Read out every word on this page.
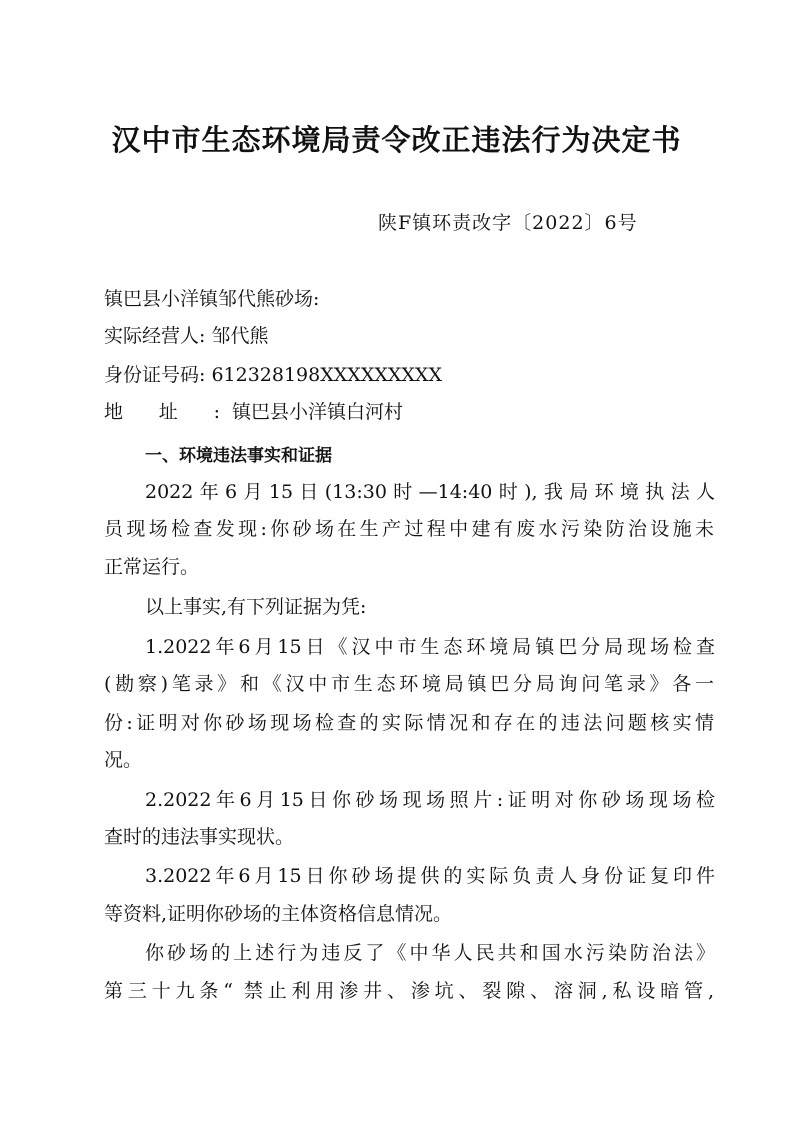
汉中市生态环境局责令改正违法行为决定书
陕F镇环责改字〔2022〕6号
镇巴县小洋镇邹代熊砂场:
实际经营人: 邹代熊
身份证号码: 612328198XXXXXXXXX
地址: 镇巴县小洋镇白河村
一、环境违法事实和证据
2022年6月15日(13:30时—14:40时),我局环境执法人
员现场检查发现:你砂场在生产过程中建有废水污染防治设施未
正常运行。
以上事实,有下列证据为凭:
1.2022年6月15日《汉中市生态环境局镇巴分局现场检查
(勘察)笔录》和《汉中市生态环境局镇巴分局询问笔录》各一
份:证明对你砂场现场检查的实际情况和存在的违法问题核实情
况。
2.2022年6月15日你砂场现场照片:证明对你砂场现场检
查时的违法事实现状。
3.2022年6月15日你砂场提供的实际负责人身份证复印件
等资料,证明你砂场的主体资格信息情况。
你砂场的上述行为违反了《中华人民共和国水污染防治法》
第三十九条“ 禁止利用渗井、渗坑、裂隙、溶洞,私设暗管,
